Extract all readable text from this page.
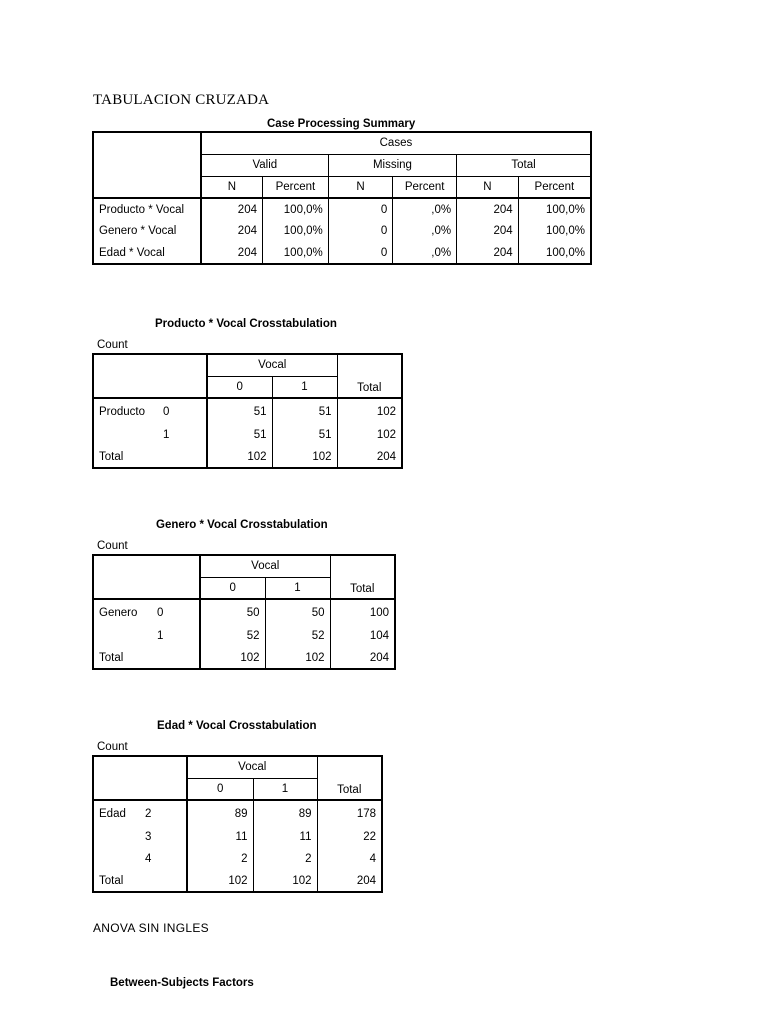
TABULACION CRUZADA
Case Processing Summary
	Cases					
	Valid		Missing		Total	
	N	Percent	N	Percent	N	Percent
Producto * Vocal	204	100,0%	0	,0%	204	100,0%
Genero * Vocal	204	100,0%	0	,0%	204	100,0%
Edad * Vocal	204	100,0%	0	,0%	204	100,0%
Producto * Vocal Crosstabulation
Count
		Vocal		Total
		0	1	
Producto	0	51	51	102
	1	51	51	102
Total		102	102	204
Genero * Vocal Crosstabulation
Count
		Vocal		Total
		0	1	
Genero	0	50	50	100
	1	52	52	104
Total		102	102	204
Edad * Vocal Crosstabulation
Count
		Vocal		Total
		0	1	
Edad	2	89	89	178
	3	11	11	22
	4	2	2	4
Total		102	102	204
ANOVA SIN INGLES
Between-Subjects Factors
